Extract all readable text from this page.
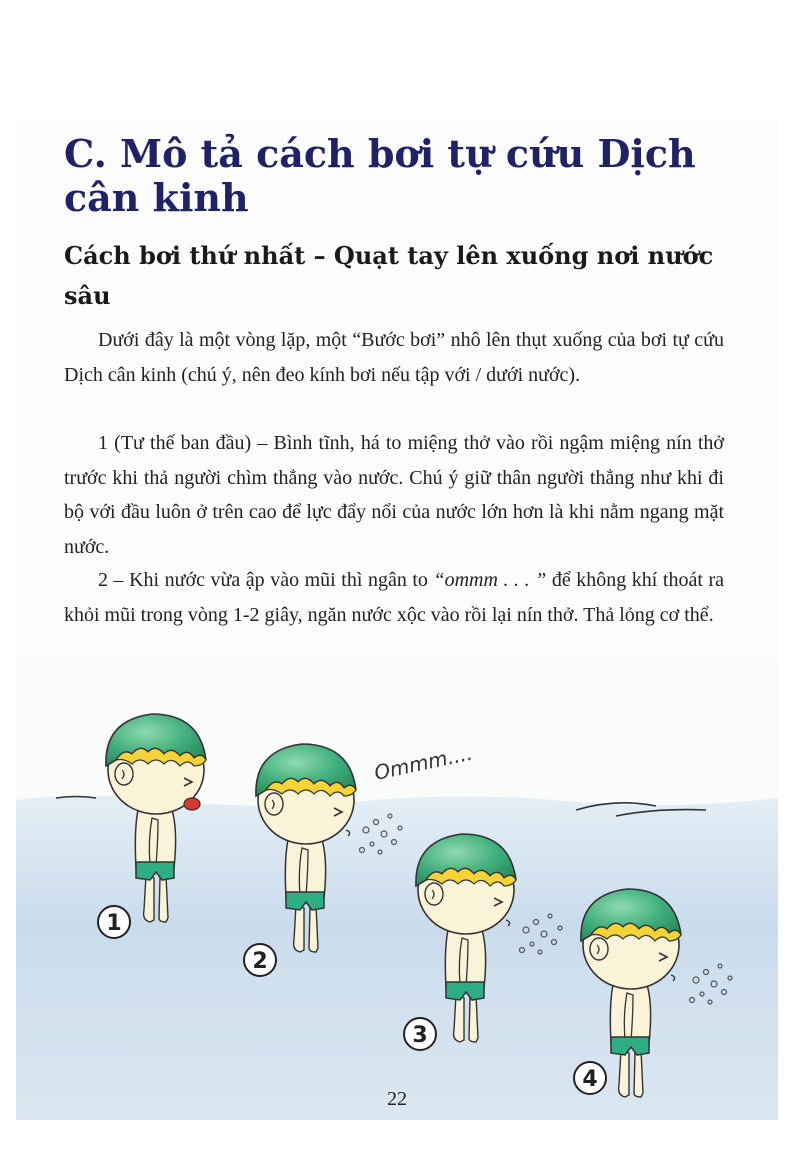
C. Mô tả cách bơi tự cứu Dịch cân kinh
Cách bơi thứ nhất – Quạt tay lên xuống nơi nước sâu

Dưới đây là một vòng lặp, một “Bước bơi” nhô lên thụt xuống của bơi tự cứu Dịch cân kinh (chú ý, nên đeo kính bơi nếu tập với / dưới nước).

1 (Tư thế ban đầu) – Bình tĩnh, há to miệng thở vào rồi ngậm miệng nín thở trước khi thả người chìm thẳng vào nước. Chú ý giữ thân người thẳng như khi đi bộ với đầu luôn ở trên cao để lực đẩy nổi của nước lớn hơn là khi nằm ngang mặt nước.

2 – Khi nước vừa ập vào mũi thì ngân to “ommm . . . ” để không khí thoát ra khỏi mũi trong vòng 1-2 giây, ngăn nước xộc vào rồi lại nín thở. Thả lỏng cơ thể.

Ommm....
1
2
3
4
22
